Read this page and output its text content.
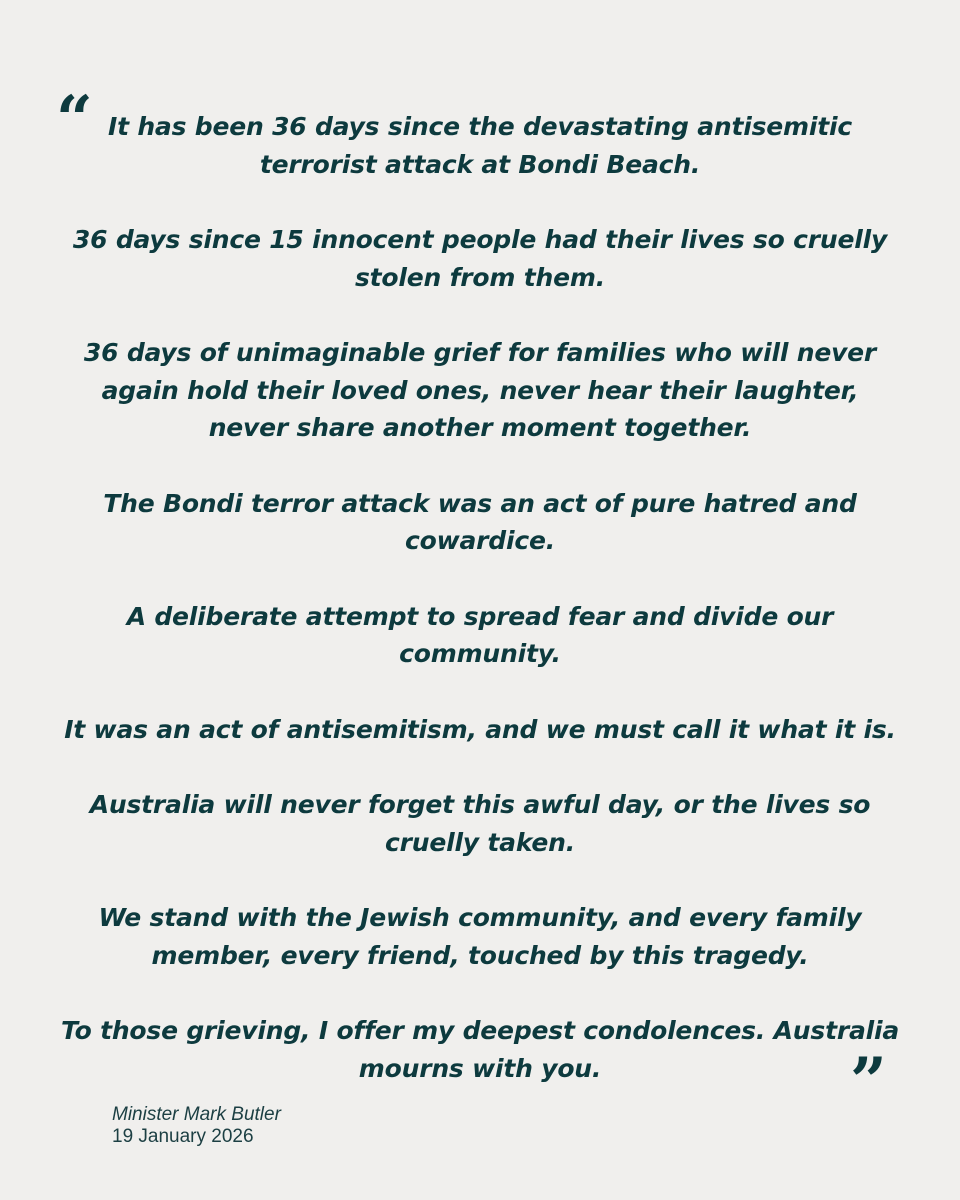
“ It has been 36 days since the devastating antisemitic terrorist attack at Bondi Beach.

36 days since 15 innocent people had their lives so cruelly stolen from them.

36 days of unimaginable grief for families who will never again hold their loved ones, never hear their laughter, never share another moment together.

The Bondi terror attack was an act of pure hatred and cowardice.

A deliberate attempt to spread fear and divide our community.

It was an act of antisemitism, and we must call it what it is.

Australia will never forget this awful day, or the lives so cruelly taken.

We stand with the Jewish community, and every family member, every friend, touched by this tragedy.

To those grieving, I offer my deepest condolences. Australia mourns with you.	”
Minister Mark Butler
19 January 2026
